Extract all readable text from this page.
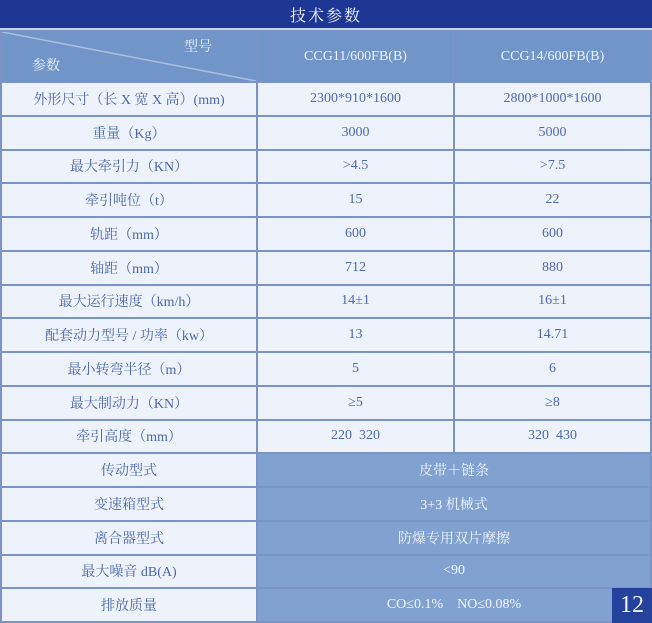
技术参数
型号
参数
CCG11/600FB(B)	CCG14/600FB(B)
外形尺寸（长 X 宽 X 高）(mm)	2300*910*1600	2800*1000*1600
重量（Kg）	3000	5000
最大牵引力（KN）	>4.5	>7.5
牵引吨位（t）	15	22
轨距（mm）	600	600
轴距（mm）	712	880
最大运行速度（km/h）	14±1	16±1
配套动力型号 / 功率（kw）	13	14.71
最小转弯半径（m）	5	6
最大制动力（KN）	≥5	≥8
牵引高度（mm）	220  320	320  430
传动型式	皮带＋链条
变速箱型式	3+3 机械式
离合器型式	防爆专用双片摩擦
最大噪音 dB(A)	<90
排放质量	CO≤0.1%    NO≤0.08%	12
